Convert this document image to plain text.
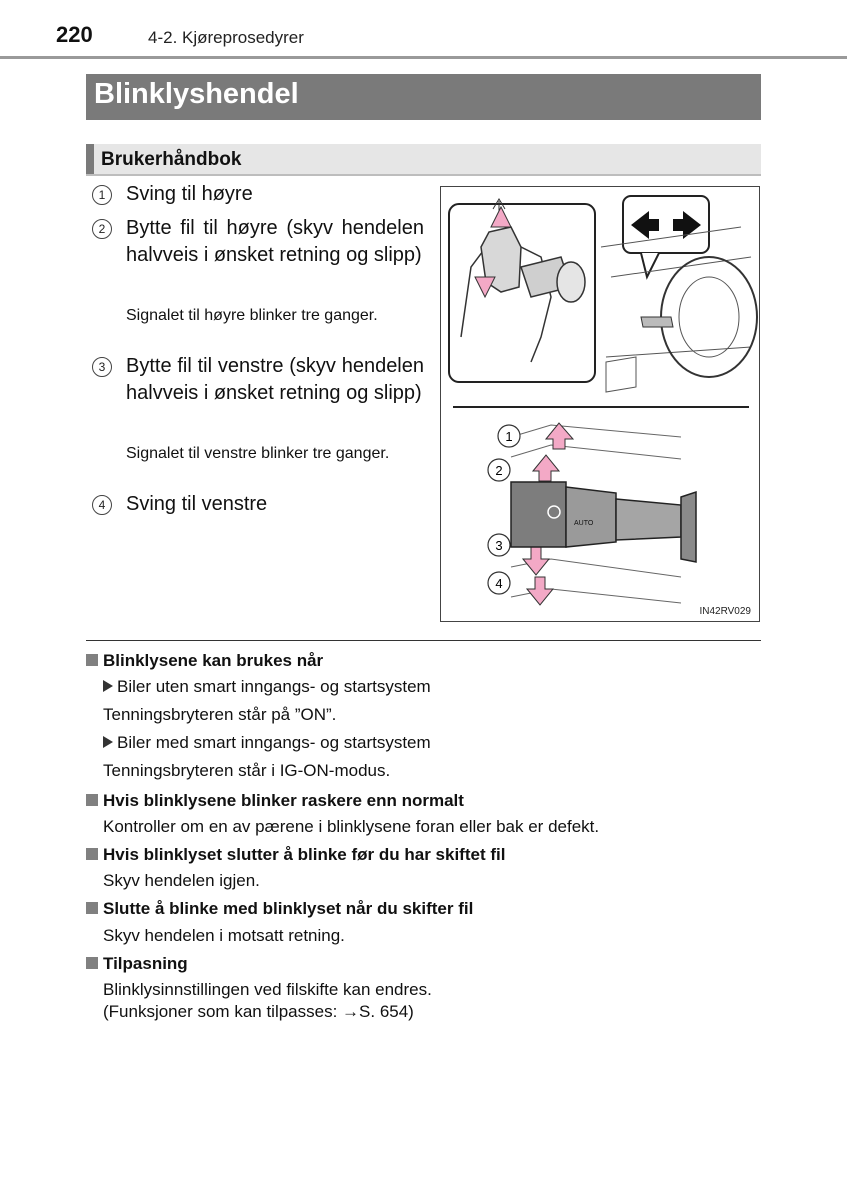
220	4-2. Kjøreprosedyrer
Blinklyshendel
Brukerhåndbok
1	Sving til høyre
2	Bytte fil til høyre (skyv hendelen halvveis i ønsket retning og slipp)
Signalet til høyre blinker tre ganger.
3	Bytte fil til venstre (skyv hendelen halvveis i ønsket retning og slipp)
Signalet til venstre blinker tre ganger.
4	Sving til venstre
1
2
3
4
AUTO
IN42RV029
Blinklysene kan brukes når
Biler uten smart inngangs- og startsystem
Tenningsbryteren står på ”ON”.
Biler med smart inngangs- og startsystem
Tenningsbryteren står i IG-ON-modus.
Hvis blinklysene blinker raskere enn normalt
Kontroller om en av pærene i blinklysene foran eller bak er defekt.
Hvis blinklyset slutter å blinke før du har skiftet fil
Skyv hendelen igjen.
Slutte å blinke med blinklyset når du skifter fil
Skyv hendelen i motsatt retning.
Tilpasning
Blinklysinnstillingen ved filskifte kan endres.
(Funksjoner som kan tilpasses: →S. 654)
